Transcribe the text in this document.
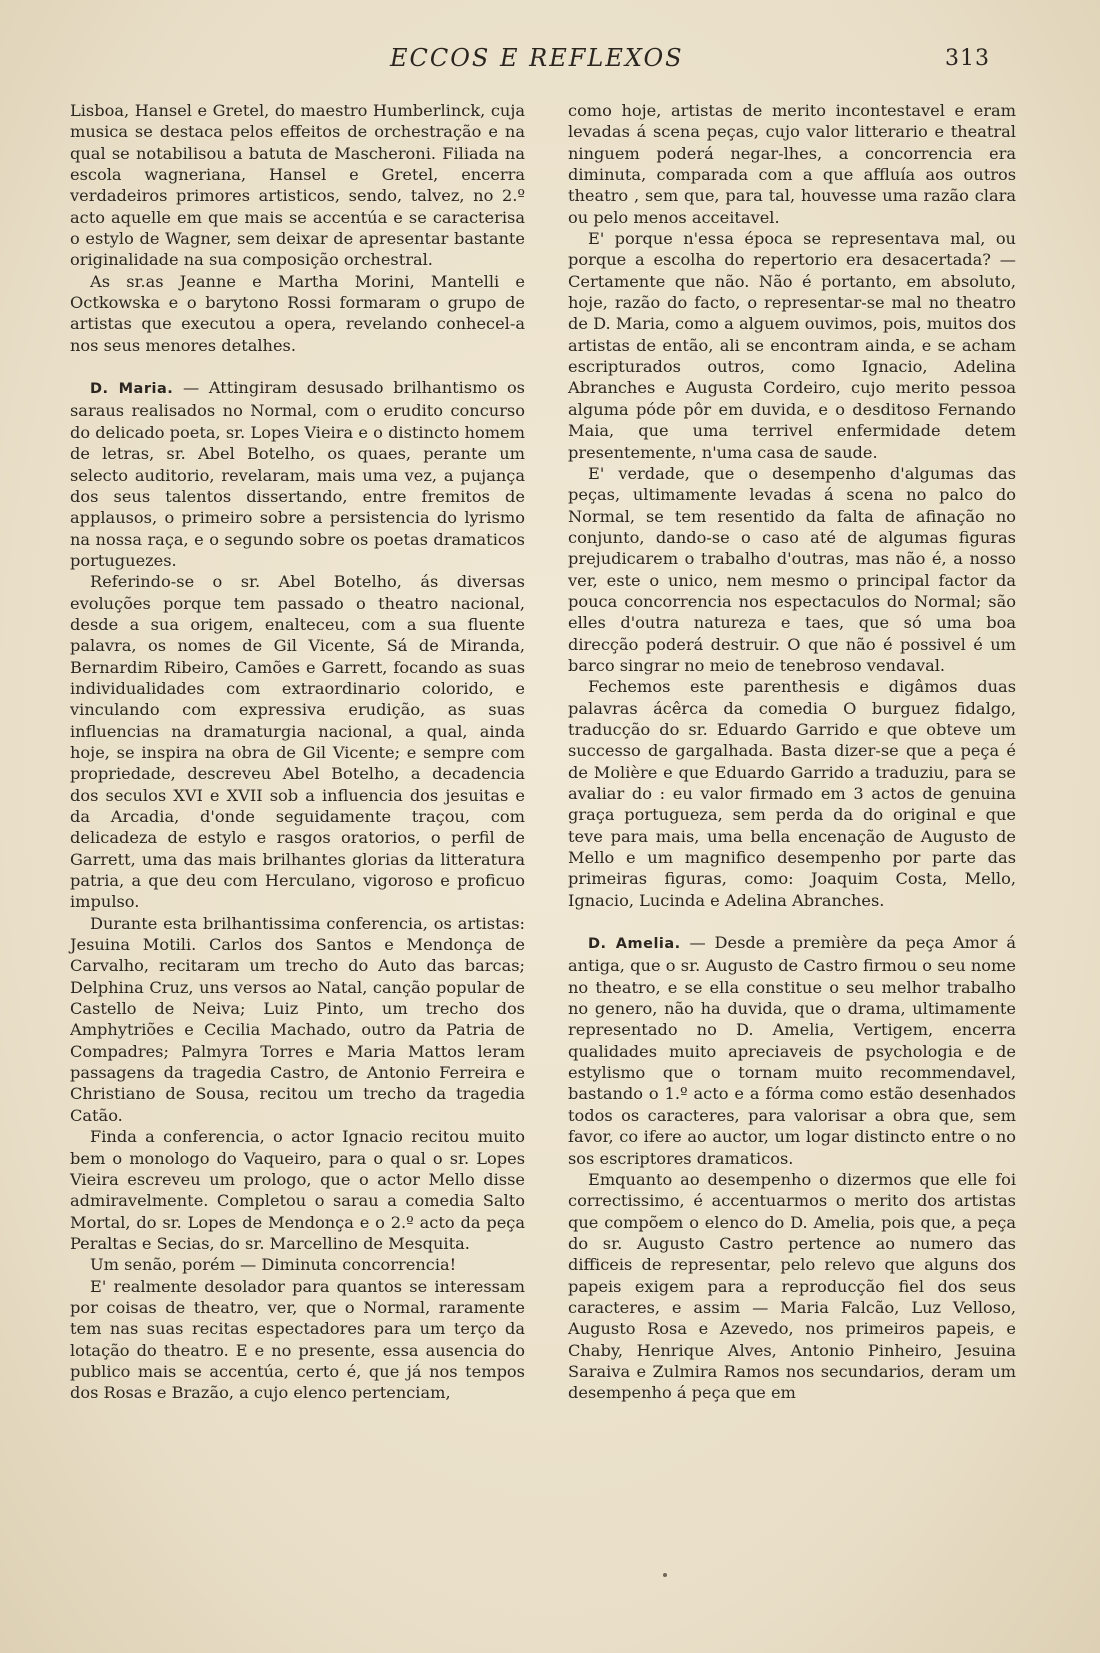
ECCOS E REFLEXOS	313

Lisboa, Hansel e Gretel, do maestro Humberlinck, cuja musica se destaca pelos effeitos de orchestração e na qual se notabilisou a batuta de Mascheroni. Filiada na escola wagneriana, Hansel e Gretel, encerra verdadeiros primores artisticos, sendo, talvez, no 2.º acto aquelle em que mais se accentúa e se caracterisa o estylo de Wagner, sem deixar de apresentar bastante originalidade na sua composição orchestral.

As sr.as Jeanne e Martha Morini, Mantelli e Octkowska e o barytono Rossi formaram o grupo de artistas que executou a opera, revelando conhecel-a nos seus menores detalhes.

D. Maria. — Attingiram desusado brilhantismo os saraus realisados no Normal, com o erudito concurso do delicado poeta, sr. Lopes Vieira e o distincto homem de letras, sr. Abel Botelho, os quaes, perante um selecto auditorio, revelaram, mais uma vez, a pujança dos seus talentos dissertando, entre fremitos de applausos, o primeiro sobre a persistencia do lyrismo na nossa raça, e o segundo sobre os poetas dramaticos portuguezes.

Referindo-se o sr. Abel Botelho, ás diversas evoluções porque tem passado o theatro nacional, desde a sua origem, enalteceu, com a sua fluente palavra, os nomes de Gil Vicente, Sá de Miranda, Bernardim Ribeiro, Camões e Garrett, focando as suas individualidades com extraordinario colorido, e vinculando com expressiva erudição, as suas influencias na dramaturgia nacional, a qual, ainda hoje, se inspira na obra de Gil Vicente; e sempre com propriedade, descreveu Abel Botelho, a decadencia dos seculos XVI e XVII sob a influencia dos jesuitas e da Arcadia, d'onde seguidamente traçou, com delicadeza de estylo e rasgos oratorios, o perfil de Garrett, uma das mais brilhantes glorias da litteratura patria, a que deu com Herculano, vigoroso e proficuo impulso.

Durante esta brilhantissima conferencia, os artistas: Jesuina Motili. Carlos dos Santos e Mendonça de Carvalho, recitaram um trecho do Auto das barcas; Delphina Cruz, uns versos ao Natal, canção popular de Castello de Neiva; Luiz Pinto, um trecho dos Amphytriões e Cecilia Machado, outro da Patria de Compadres; Palmyra Torres e Maria Mattos leram passagens da tragedia Castro, de Antonio Ferreira e Christiano de Sousa, recitou um trecho da tragedia Catão.

Finda a conferencia, o actor Ignacio recitou muito bem o monologo do Vaqueiro, para o qual o sr. Lopes Vieira escreveu um prologo, que o actor Mello disse admiravelmente. Completou o sarau a comedia Salto Mortal, do sr. Lopes de Mendonça e o 2.º acto da peça Peraltas e Secias, do sr. Marcellino de Mesquita.

Um senão, porém — Diminuta concorrencia!

E' realmente desolador para quantos se interessam por coisas de theatro, ver, que o Normal, raramente tem nas suas recitas espectadores para um terço da lotação do theatro. E e no presente, essa ausencia do publico mais se accentúa, certo é, que já nos tempos dos Rosas e Brazão, a cujo elenco pertenciam,

como hoje, artistas de merito incontestavel e eram levadas á scena peças, cujo valor litterario e theatral ninguem poderá negar-lhes, a concorrencia era diminuta, comparada com a que affluía aos outros theatro , sem que, para tal, houvesse uma razão clara ou pelo menos acceitavel.

E' porque n'essa época se representava mal, ou porque a escolha do repertorio era desacertada? — Certamente que não. Não é portanto, em absoluto, hoje, razão do facto, o representar-se mal no theatro de D. Maria, como a alguem ouvimos, pois, muitos dos artistas de então, ali se encontram ainda, e se acham escripturados outros, como Ignacio, Adelina Abranches e Augusta Cordeiro, cujo merito pessoa alguma póde pôr em duvida, e o desditoso Fernando Maia, que uma terrivel enfermidade detem presentemente, n'uma casa de saude.

E' verdade, que o desempenho d'algumas das peças, ultimamente levadas á scena no palco do Normal, se tem resentido da falta de afinação no conjunto, dando-se o caso até de algumas figuras prejudicarem o trabalho d'outras, mas não é, a nosso ver, este o unico, nem mesmo o principal factor da pouca concorrencia nos espectaculos do Normal; são elles d'outra natureza e taes, que só uma boa direcção poderá destruir. O que não é possivel é um barco singrar no meio de tenebroso vendaval.

Fechemos este parenthesis e digâmos duas palavras ácêrca da comedia O burguez fidalgo, traducção do sr. Eduardo Garrido e que obteve um successo de gargalhada. Basta dizer-se que a peça é de Molière e que Eduardo Garrido a traduziu, para se avaliar do : eu valor firmado em 3 actos de genuina graça portugueza, sem perda da do original e que teve para mais, uma bella encenação de Augusto de Mello e um magnifico desempenho por parte das primeiras figuras, como: Joaquim Costa, Mello, Ignacio, Lucinda e Adelina Abranches.

D. Amelia. — Desde a première da peça Amor á antiga, que o sr. Augusto de Castro firmou o seu nome no theatro, e se ella constitue o seu melhor trabalho no genero, não ha duvida, que o drama, ultimamente representado no D. Amelia, Vertigem, encerra qualidades muito apreciaveis de psychologia e de estylismo que o tornam muito recommendavel, bastando o 1.º acto e a fórma como estão desenhados todos os caracteres, para valorisar a obra que, sem favor, co ifere ao auctor, um logar distincto entre o no sos escriptores dramaticos.

Emquanto ao desempenho o dizermos que elle foi correctissimo, é accentuarmos o merito dos artistas que compõem o elenco do D. Amelia, pois que, a peça do sr. Augusto Castro pertence ao numero das difficeis de representar, pelo relevo que alguns dos papeis exigem para a reproducção fiel dos seus caracteres, e assim — Maria Falcão, Luz Velloso, Augusto Rosa e Azevedo, nos primeiros papeis, e Chaby, Henrique Alves, Antonio Pinheiro, Jesuina Saraiva e Zulmira Ramos nos secundarios, deram um desempenho á peça que em
